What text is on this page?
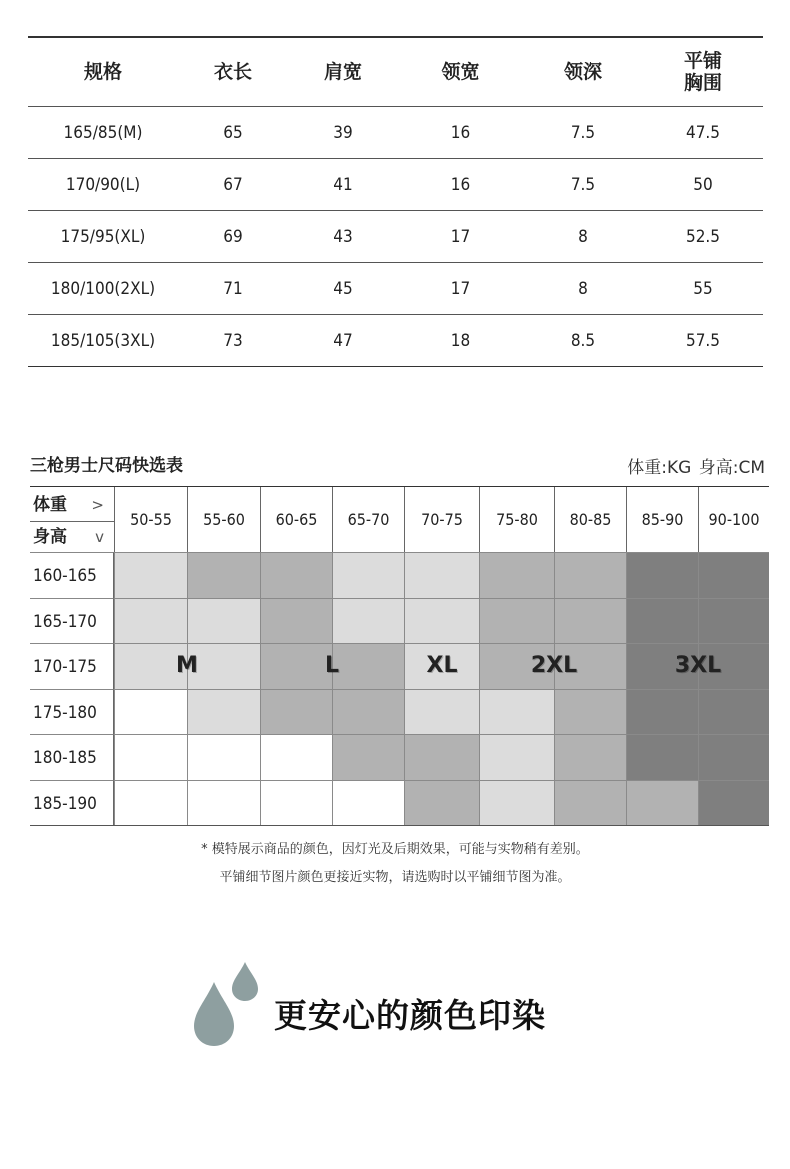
规格	衣长	肩宽	领宽	领深	平铺
胸围
165/85(M)	65	39	16	7.5	47.5
170/90(L)	67	41	16	7.5	50
175/95(XL)	69	43	17	8	52.5
180/100(2XL)	71	45	17	8	55
185/105(3XL)	73	47	18	8.5	57.5
三枪男士尺码快选表	体重:KG 身高:CM
体重 >
身高 v
50-55	55-60	60-65	65-70	70-75	75-80	80-85	85-90	90-100
160-165
165-170
170-175
175-180
180-185
185-190
M	L	XL	2XL	3XL
* 模特展示商品的颜色，因灯光及后期效果，可能与实物稍有差别。
平铺细节图片颜色更接近实物，请选购时以平铺细节图为准。
更安心的颜色印染
